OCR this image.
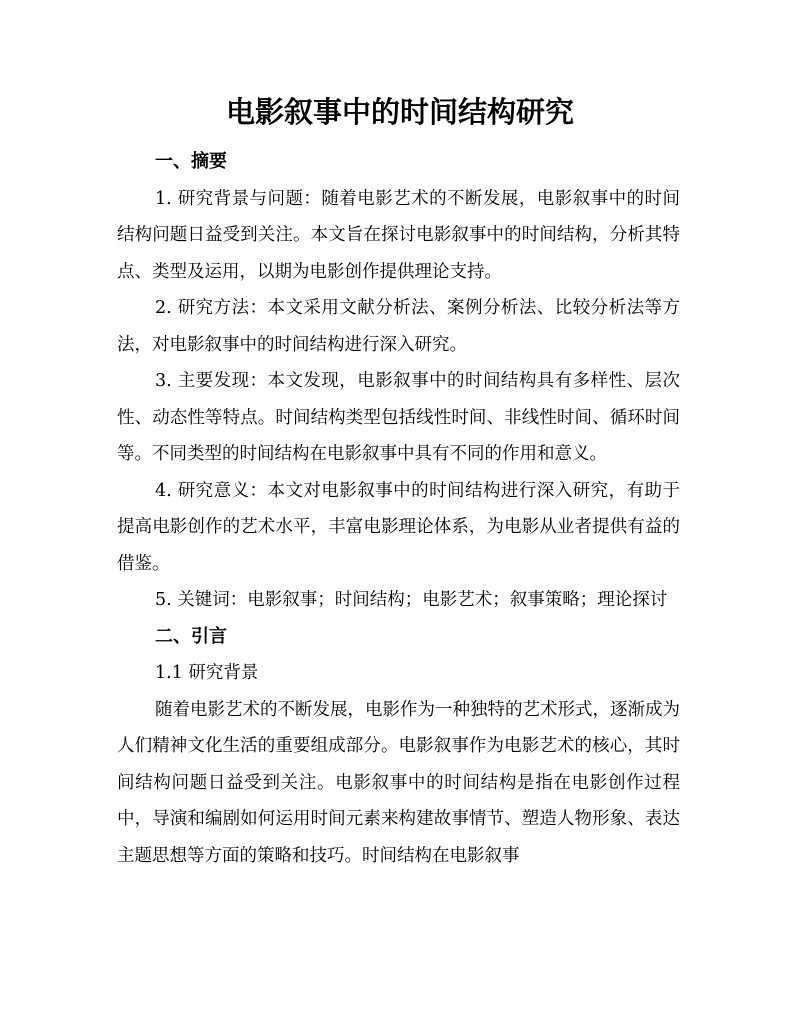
电影叙事中的时间结构研究
一、摘要

1. 研究背景与问题：随着电影艺术的不断发展，电影叙事中的时间结构问题日益受到关注。本文旨在探讨电影叙事中的时间结构，分析其特点、类型及运用，以期为电影创作提供理论支持。

2. 研究方法：本文采用文献分析法、案例分析法、比较分析法等方法，对电影叙事中的时间结构进行深入研究。

3. 主要发现：本文发现，电影叙事中的时间结构具有多样性、层次性、动态性等特点。时间结构类型包括线性时间、非线性时间、循环时间等。不同类型的时间结构在电影叙事中具有不同的作用和意义。

4. 研究意义：本文对电影叙事中的时间结构进行深入研究，有助于提高电影创作的艺术水平，丰富电影理论体系，为电影从业者提供有益的借鉴。

5. 关键词：电影叙事；时间结构；电影艺术；叙事策略；理论探讨

二、引言

1.1 研究背景

随着电影艺术的不断发展，电影作为一种独特的艺术形式，逐渐成为人们精神文化生活的重要组成部分。电影叙事作为电影艺术的核心，其时间结构问题日益受到关注。电影叙事中的时间结构是指在电影创作过程中，导演和编剧如何运用时间元素来构建故事情节、塑造人物形象、表达主题思想等方面的策略和技巧。时间结构在电影叙事
